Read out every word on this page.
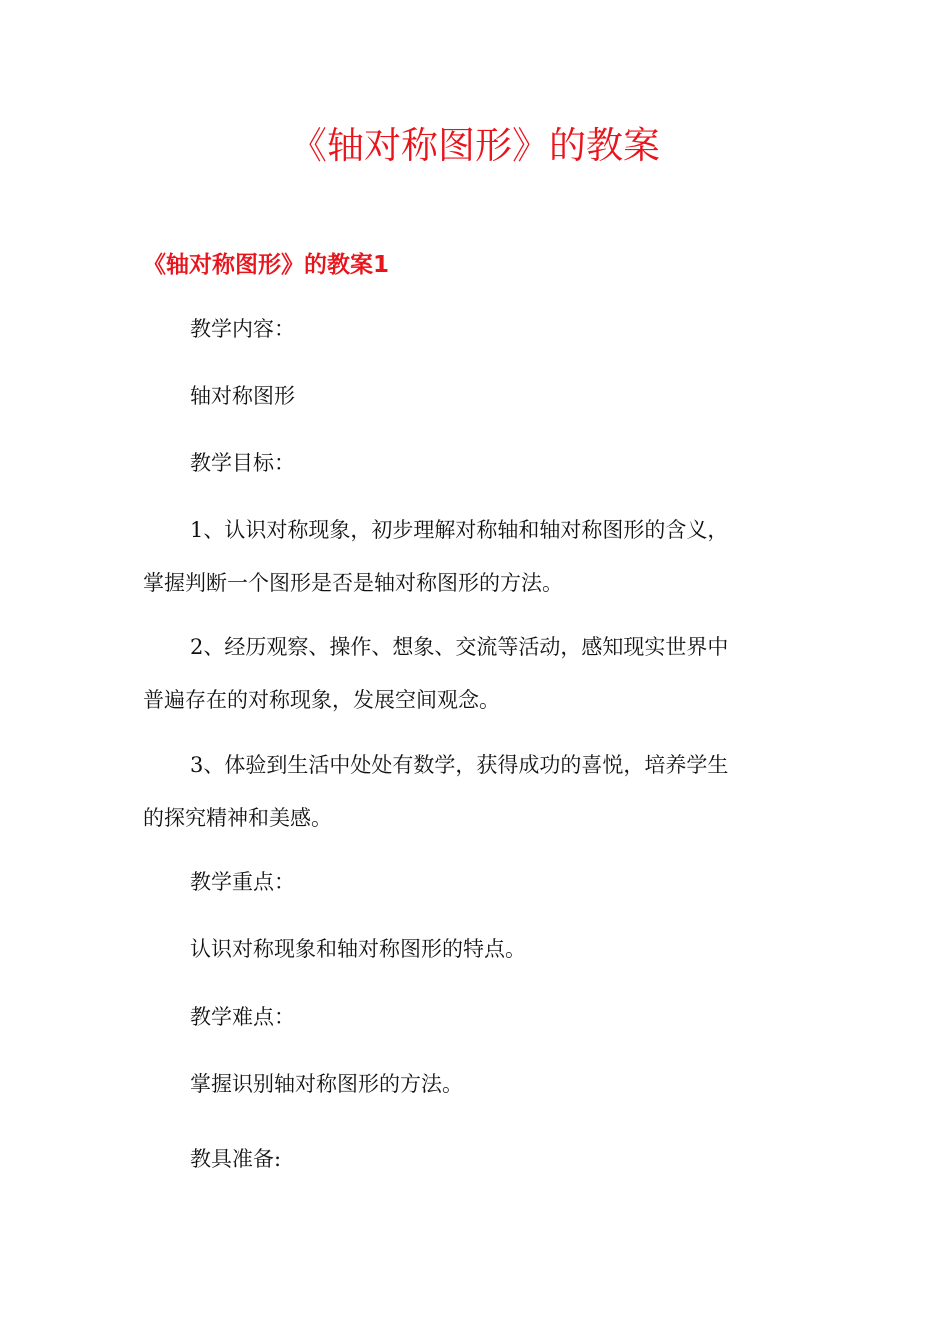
《轴对称图形》的教案
《轴对称图形》的教案1

教学内容：

轴对称图形

教学目标：

1、认识对称现象，初步理解对称轴和轴对称图形的含义，
掌握判断一个图形是否是轴对称图形的方法。

2、经历观察、操作、想象、交流等活动，感知现实世界中
普遍存在的对称现象，发展空间观念。

3、体验到生活中处处有数学，获得成功的喜悦，培养学生
的探究精神和美感。

教学重点：

认识对称现象和轴对称图形的特点。

教学难点：

掌握识别轴对称图形的方法。

教具准备:
